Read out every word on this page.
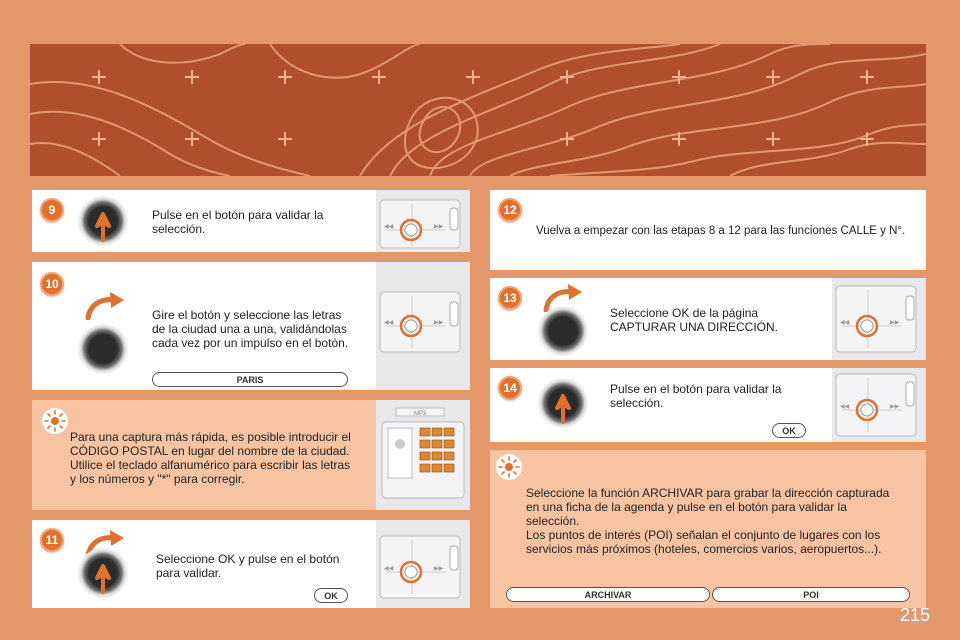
9	Pulse en el botón para validar la selección.	◀◀	▶▶
10
Gire el botón y seleccione las letras
de la ciudad una a una, validándolas
cada vez por un impulso en el botón.
PARIS
◀◀	▶▶
Para una captura más rápida, es posible introducir el
CÓDIGO POSTAL en lugar del nombre de la ciudad.
Utilice el teclado alfanumérico para escribir las letras
y los números y "*" para corregir.
MP3
11
Seleccione OK y pulse en el botón
para validar.
OK
◀◀	▶▶
12
Vuelva a empezar con las etapas 8 a 12 para las funciones CALLE y N°.
13
Seleccione OK de la página
CAPTURAR UNA DIRECCIÓN.	◀◀	▶▶
14	Pulse en el botón para validar la
selección.
OK
◀◀	▶▶
Seleccione la función ARCHIVAR para grabar la dirección capturada
en una ficha de la agenda y pulse en el botón para validar la
selección.
Los puntos de interés (POI) señalan el conjunto de lugares con los
servicios más próximos (hoteles, comercios varios, aeropuertos...).
ARCHIVAR	POI
215
